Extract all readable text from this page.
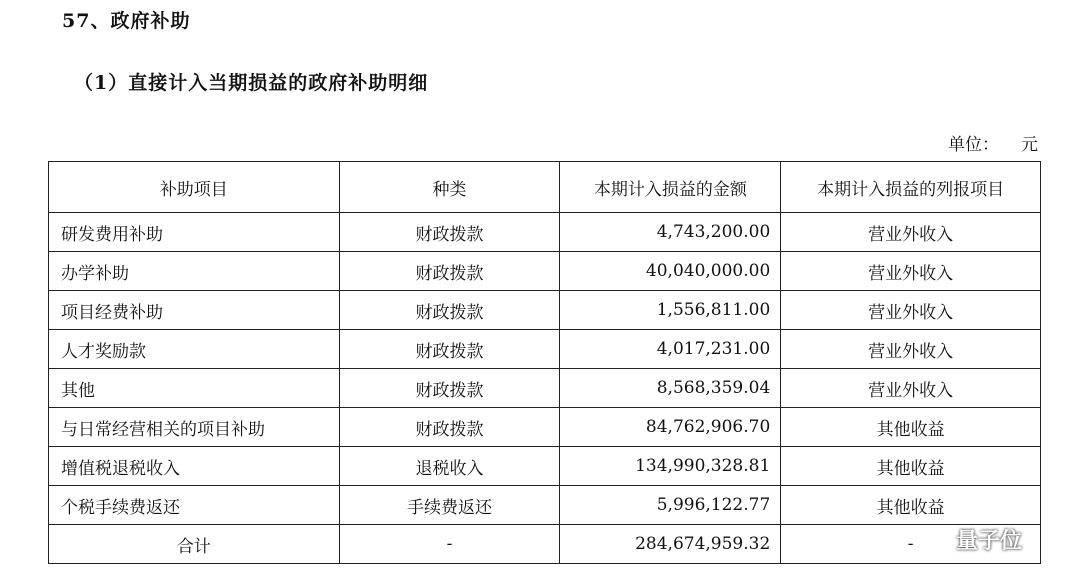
57、政府补助
（1）直接计入当期损益的政府补助明细
单位： 元
补助项目	种类	本期计入损益的金额	本期计入损益的列报项目
研发费用补助	财政拨款	4,743,200.00	营业外收入
办学补助	财政拨款	40,040,000.00	营业外收入
项目经费补助	财政拨款	1,556,811.00	营业外收入
人才奖励款	财政拨款	4,017,231.00	营业外收入
其他	财政拨款	8,568,359.04	营业外收入
与日常经营相关的项目补助	财政拨款	84,762,906.70	其他收益
增值税退税收入	退税收入	134,990,328.81	其他收益
个税手续费返还	手续费返还	5,996,122.77	其他收益
合计	-	284,674,959.32	- 量子位
